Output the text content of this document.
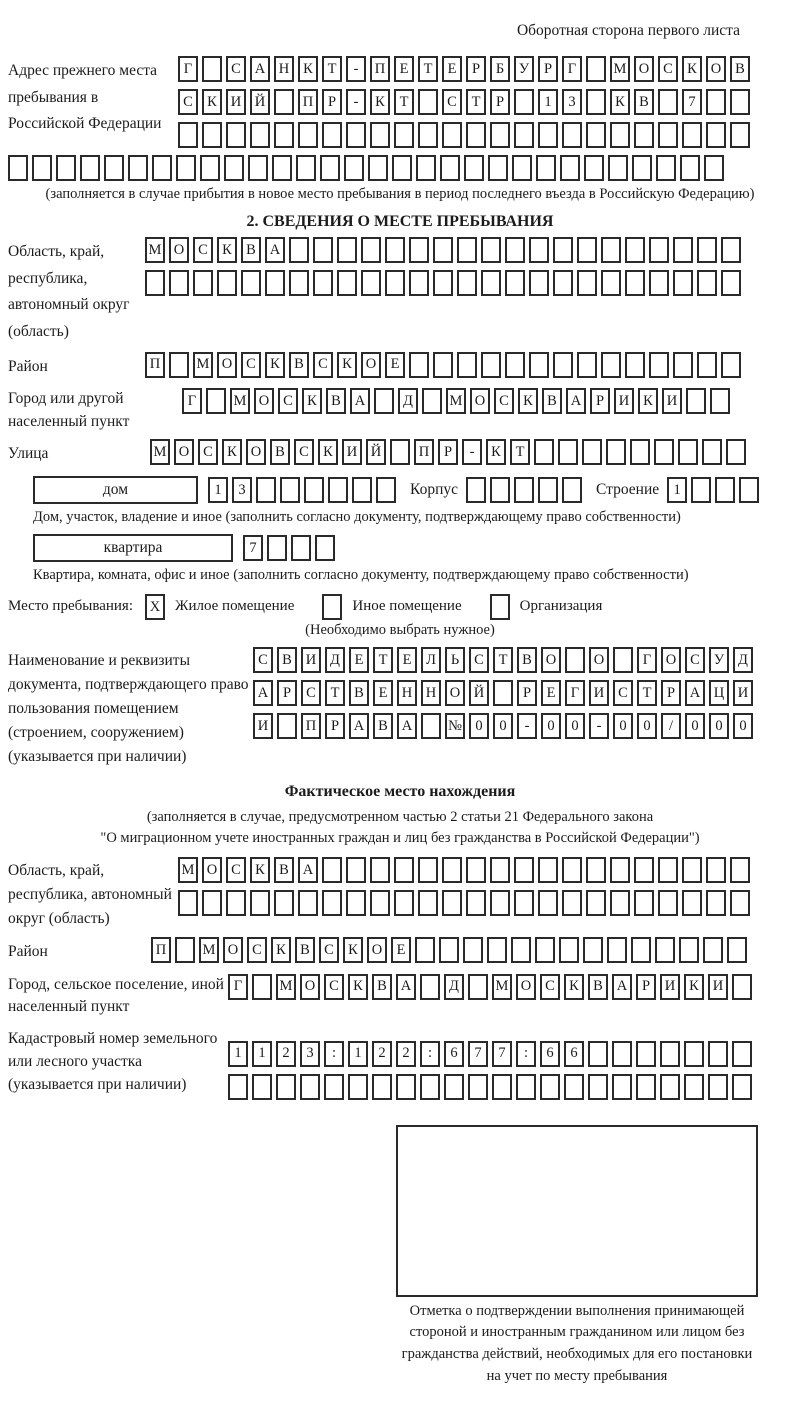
Оборотная сторона первого листа
Адрес прежнего места пребывания в Российской Федерации
Г	С А Н К	Т	-	П Е	Т	Е	Р	Б	У	Р	Г	М О С К О В
С К И Й	П	Р	-	К	Т	С	Т	Р	1	3	К В	7
(заполняется в случае прибытия в новое место пребывания в период последнего въезда в Российскую Федерацию)
2. СВЕДЕНИЯ О МЕСТЕ ПРЕБЫВАНИЯ
Область, край, республика, автономный округ (область)
М О С К В А
Район	П	М О С К В С К О Е
Город или другой населенный пункт
Г	М О С К В А	Д	М О С К В А	Р	И К И
Улица	М О С К О В С К И Й	П	Р	-	К	Т
дом	1	3	Корпус	Строение 1
Дом, участок, владение и иное (заполнить согласно документу, подтверждающему право собственности)
квартира	7
Квартира, комната, офис и иное (заполнить согласно документу, подтверждающему право собственности)
Место пребывания:	X Жилое помещение	Иное помещение	Организация
(Необходимо выбрать нужное)
Наименование и реквизиты документа, подтверждающего право пользования помещением (строением, сооружением) (указывается при наличии)
С В И Д	Е	Т	Е	Л	Ь	С	Т	В О	О	Г	О С У Д
А	Р	С	Т	В	Е Н Н О Й	Р	Е	Г	И С	Т	Р	А Ц И
И	П	Р	А В А	№ 0	0	-	0	0	-	0	0	/	0	0	0
Фактическое место нахождения
(заполняется в случае, предусмотренном частью 2 статьи 21 Федерального закона
"О миграционном учете иностранных граждан и лиц без гражданства в Российской Федерации")
Область, край, республика, автономный округ (область)
М О С К В А
Район	П	М О С К В С К О Е
Город, сельское поселение, иной населенный пункт
Г	М О С К В А	Д	М О С К В А	Р	И К И
Кадастровый номер земельного или лесного участка (указывается при наличии)
1	1	2	3	:	1	2	2	:	6	7	7	:	6	6
Отметка о подтверждении выполнения принимающей стороной и иностранным гражданином или лицом без гражданства действий, необходимых для его постановки на учет по месту пребывания
